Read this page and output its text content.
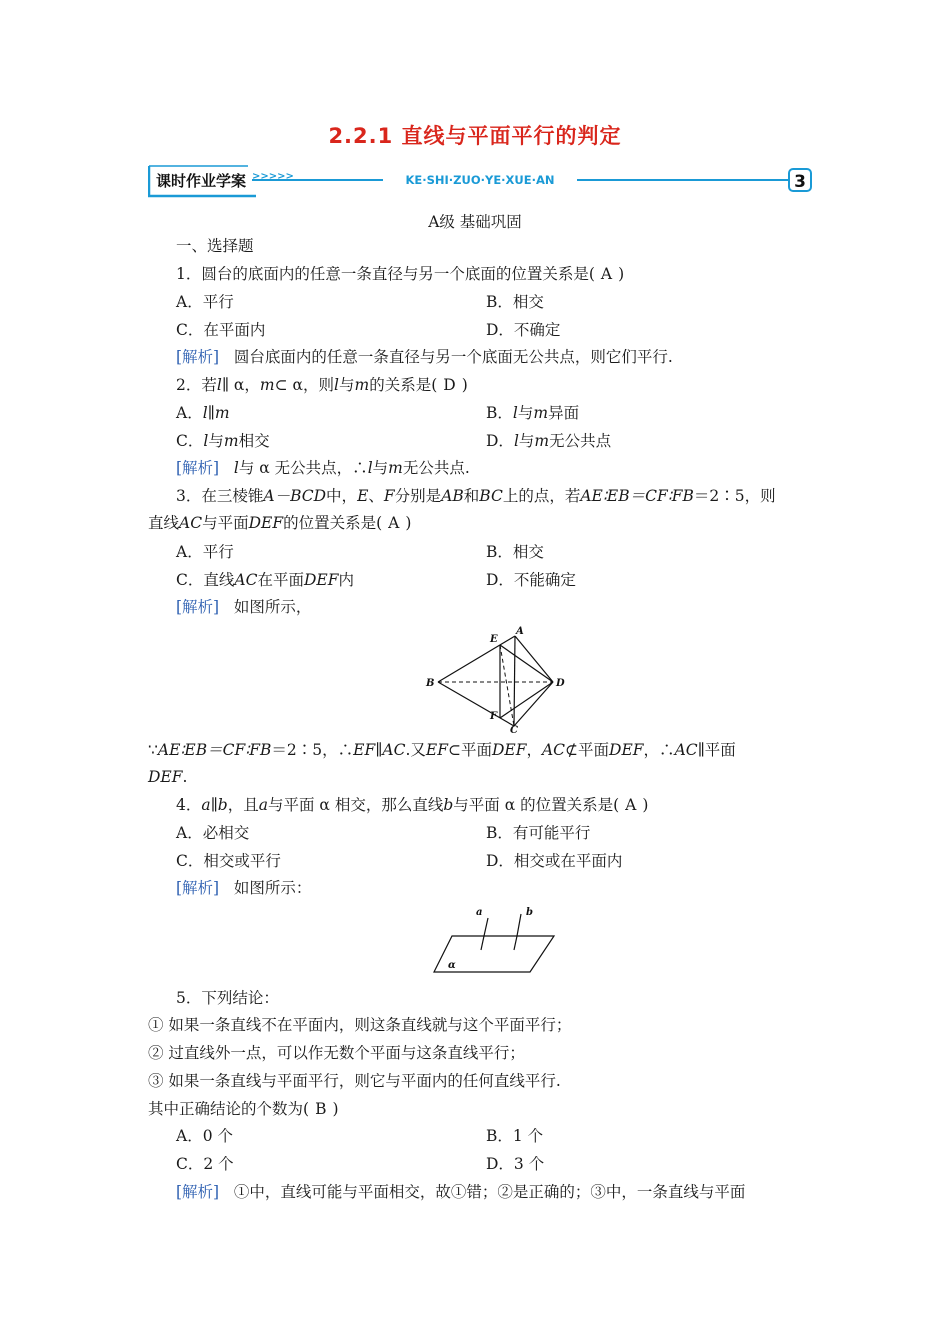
2.2.1 直线与平面平行的判定
课时作业学案 >>>>>	KE·SHI·ZUO·YE·XUE·AN	3
A级 基础巩固
一、选择题
1．圆台的底面内的任意一条直径与另一个底面的位置关系是( A )
A．平行	B．相交
C．在平面内	D．不确定
[解析] 圆台底面内的任意一条直径与另一个底面无公共点，则它们平行.
2．若l∥ α，m⊂ α，则l与m的关系是( D )
A．l∥m	B．l与m异面
C．l与m相交	D．l与m无公共点
[解析] l与 α 无公共点，∴l与m无公共点.
3．在三棱锥A－BCD中，E、F分别是AB和BC上的点，若AE∶EB＝CF∶FB＝2∶5，则
直线AC与平面DEF的位置关系是( A )
A．平行	B．相交
C．直线AC在平面DEF内	D．不能确定
[解析] 如图所示，
E
A
B	D
F
C
∵AE∶EB＝CF∶FB＝2∶5，∴EF∥AC.又EF⊂平面DEF，AC⊄平面DEF，∴AC∥平面
DEF.
4．a∥b，且a与平面 α 相交，那么直线b与平面 α 的位置关系是( A )
A．必相交	B．有可能平行
C．相交或平行	D．相交或在平面内
[解析] 如图所示：
a	b
α
5．下列结论：
① 如果一条直线不在平面内，则这条直线就与这个平面平行；
② 过直线外一点，可以作无数个平面与这条直线平行；
③ 如果一条直线与平面平行，则它与平面内的任何直线平行.
其中正确结论的个数为( B )
A．0 个	B．1 个
C．2 个	D．3 个
[解析] ①中，直线可能与平面相交，故①错；②是正确的；③中，一条直线与平面
